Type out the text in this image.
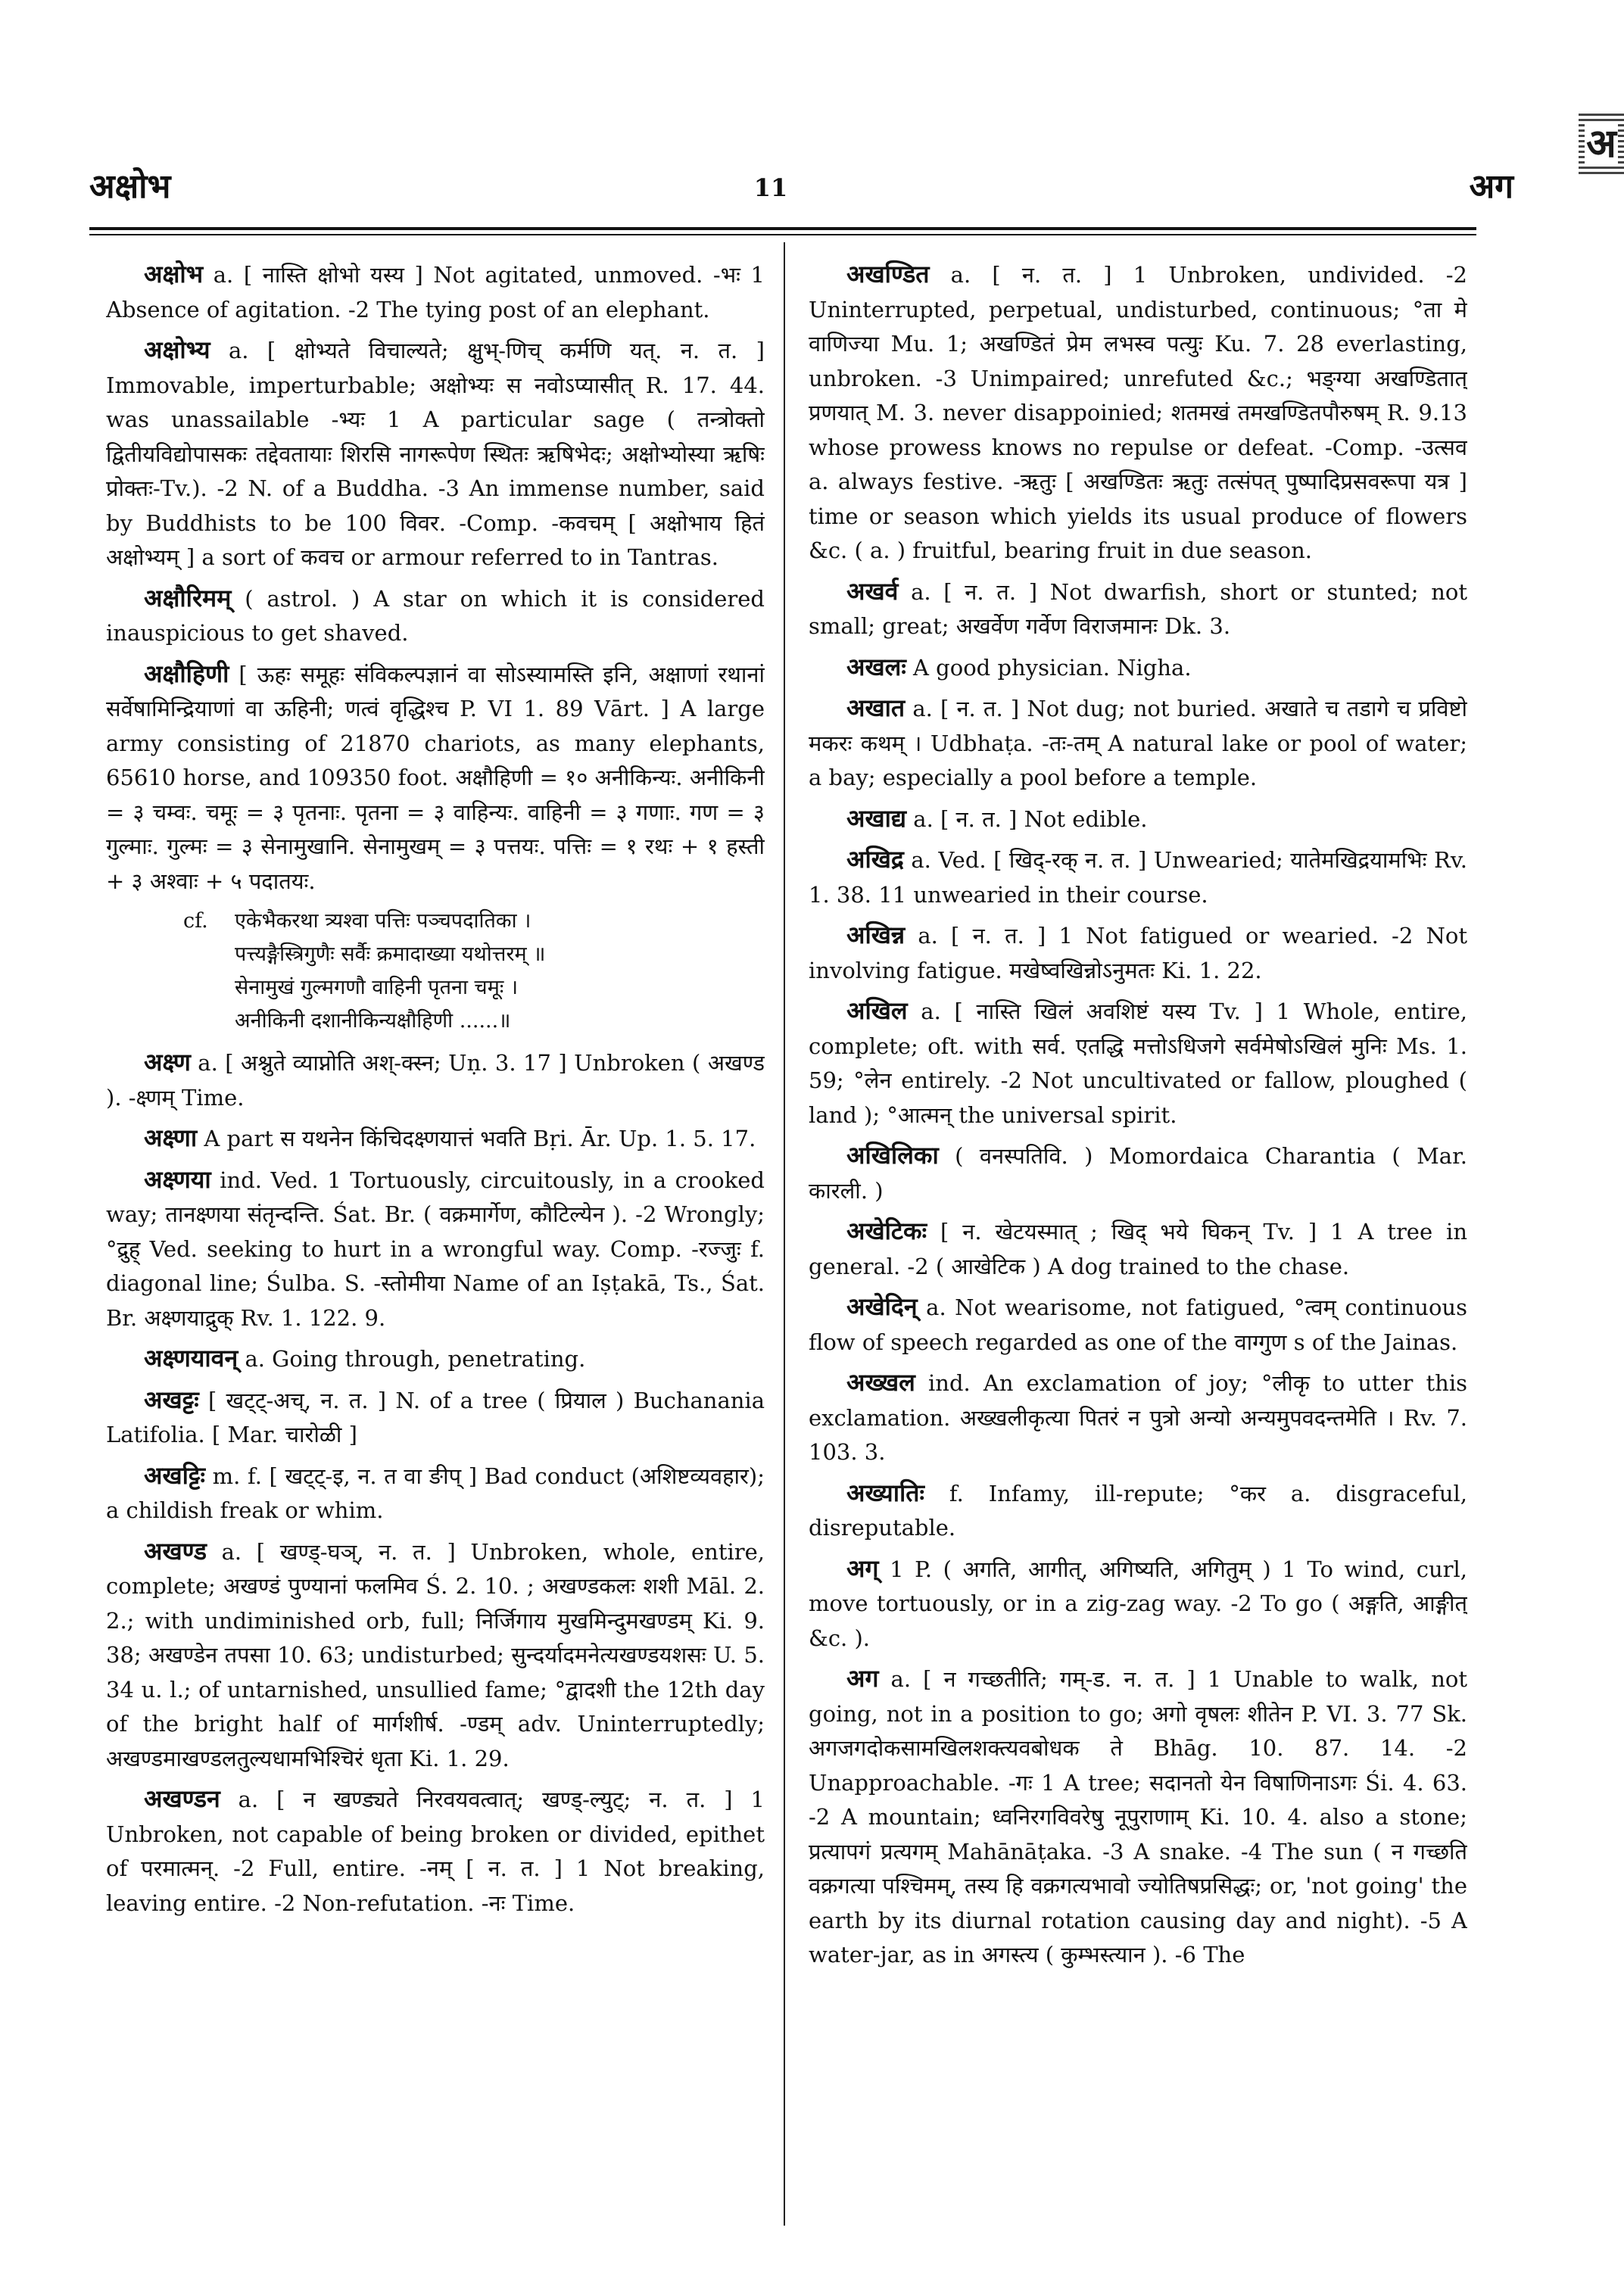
अ
अक्षोभ	11	अग

अक्षोभ a. [ नास्ति क्षोभो यस्य ] Not agitated, unmoved. -भः 1 Absence of agitation. -2 The tying post of an elephant.

अक्षोभ्य a. [ क्षोभ्यते विचाल्यते; क्षुभ्-णिच् कर्मणि यत्. न. त. ] Immovable, imperturbable; अक्षोभ्यः स नवोऽप्यासीत् R. 17. 44. was unassailable -भ्यः 1 A particular sage ( तन्त्रोक्तो द्वितीयविद्योपासकः तद्देवतायाः शिरसि नागरूपेण स्थितः ऋषिभेदः; अक्षोभ्योस्या ऋषिः प्रोक्तः-Tv.). -2 N. of a Buddha. -3 An immense number, said by Buddhists to be 100 विवर. -Comp. -कवचम् [ अक्षोभाय हितं अक्षोभ्यम् ] a sort of कवच or armour referred to in Tantras.

अक्षौरिमम् ( astrol. ) A star on which it is considered inauspicious to get shaved.

अक्षौहिणी [ ऊहः समूहः संविकल्पज्ञानं वा सोऽस्यामस्ति इनि, अक्षाणां रथानां सर्वेषामिन्द्रियाणां वा ऊहिनी; णत्वं वृद्धिश्च P. VI 1. 89 Vārt. ] A large army consisting of 21870 chariots, as many elephants, 65610 horse, and 109350 foot. अक्षौहिणी = १० अनीकिन्यः. अनीकिनी = ३ चम्वः. चमूः = ३ पृतनाः. पृतना = ३ वाहिन्यः. वाहिनी = ३ गणाः. गण = ३ गुल्माः. गुल्मः = ३ सेनामुखानि. सेनामुखम् = ३ पत्तयः. पत्तिः = १ रथः + १ हस्ती + ३ अश्वाः + ५ पदातयः.

cf. एकेभैकरथा त्र्यश्वा पत्तिः पञ्चपदातिका ।
पत्त्यङ्गैस्त्रिगुणैः सर्वैः क्रमादाख्या यथोत्तरम् ॥
सेनामुखं गुल्मगणौ वाहिनी पृतना चमूः ।
अनीकिनी दशानीकिन्यक्षौहिणी ......॥

अक्ष्ण a. [ अश्नुते व्याप्नोति अश्-क्स्न; Uṇ. 3. 17 ] Unbroken ( अखण्ड ). -क्ष्णम् Time.

अक्ष्णा A part स यथनेन किंचिदक्ष्णयात्तं भवति Bṛi. Ār. Up. 1. 5. 17.

अक्ष्णया ind. Ved. 1 Tortuously, circuitously, in a crooked way; तानक्ष्णया संतृन्दन्ति. Śat. Br. ( वक्रमार्गेण, कौटिल्येन ). -2 Wrongly; °द्रुह् Ved. seeking to hurt in a wrongful way. Comp. -रज्जुः f. diagonal line; Śulba. S. -स्तोमीया Name of an Iṣṭakā, Ts., Śat. Br. अक्ष्णयाद्रुक् Rv. 1. 122. 9.

अक्ष्णयावन् a. Going through, penetrating.

अखट्टः [ खट्ट्-अच्, न. त. ] N. of a tree ( प्रियाल ) Buchanania Latifolia. [ Mar. चारोळी ]

अखट्टिः m. f. [ खट्ट्-इ, न. त वा ङीप् ] Bad conduct (अशिष्टव्यवहार); a childish freak or whim.

अखण्ड a. [ खण्ड्-घञ्, न. त. ] Unbroken, whole, entire, complete; अखण्डं पुण्यानां फलमिव Ś. 2. 10. ; अखण्डकलः शशी Māl. 2. 2.; with undiminished orb, full; निर्जिगाय मुखमिन्दुमखण्डम् Ki. 9. 38; अखण्डेन तपसा 10. 63; undisturbed; सुन्दर्यादमनेत्यखण्डयशसः U. 5. 34 u. l.; of untarnished, unsullied fame; °द्वादशी the 12th day of the bright half of मार्गशीर्ष. -ण्डम् adv. Uninterruptedly; अखण्डमाखण्डलतुल्यधामभिश्चिरं धृता Ki. 1. 29.

अखण्डन a. [ न खण्ड्यते निरवयवत्वात्; खण्ड्-ल्युट्; न. त. ] 1 Unbroken, not capable of being broken or divided, epithet of परमात्मन्. -2 Full, entire. -नम् [ न. त. ] 1 Not breaking, leaving entire. -2 Non-refutation. -नः Time.

अखण्डित a. [ न. त. ] 1 Unbroken, undivided. -2 Uninterrupted, perpetual, undisturbed, continuous; °ता मे वाणिज्या Mu. 1; अखण्डितं प्रेम लभस्व पत्युः Ku. 7. 28 everlasting, unbroken. -3 Unimpaired; unrefuted &c.; भङ्ग्या अखण्डितात् प्रणयात् M. 3. never disappoinied; शतमखं तमखण्डितपौरुषम् R. 9.13 whose prowess knows no repulse or defeat. -Comp. -उत्सव a. always festive. -ऋतुः [ अखण्डितः ऋतुः तत्संपत् पुष्पादिप्रसवरूपा यत्र ] time or season which yields its usual produce of flowers &c. ( a. ) fruitful, bearing fruit in due season.

अखर्व a. [ न. त. ] Not dwarfish, short or stunted; not small; great; अखर्वेण गर्वेण विराजमानः Dk. 3.

अखलः A good physician. Nigha.

अखात a. [ न. त. ] Not dug; not buried. अखाते च तडागे च प्रविष्टो मकरः कथम् । Udbhaṭa. -तः-तम् A natural lake or pool of water; a bay; especially a pool before a temple.

अखाद्य a. [ न. त. ] Not edible.

अखिद्र a. Ved. [ खिद्-रक् न. त. ] Unwearied; यातेमखिद्रयामभिः Rv. 1. 38. 11 unwearied in their course.

अखिन्न a. [ न. त. ] 1 Not fatigued or wearied. -2 Not involving fatigue. मखेष्वखिन्नोऽनुमतः Ki. 1. 22.

अखिल a. [ नास्ति खिलं अवशिष्टं यस्य Tv. ] 1 Whole, entire, complete; oft. with सर्व. एतद्धि मत्तोऽधिजगे सर्वमेषोऽखिलं मुनिः Ms. 1. 59; °लेन entirely. -2 Not uncultivated or fallow, ploughed ( land ); °आत्मन् the universal spirit.

अखिलिका ( वनस्पतिवि. ) Momordaica Charantia ( Mar. कारली. )

अखेटिकः [ न. खेटयस्मात् ; खिद् भये घिकन् Tv. ] 1 A tree in general. -2 ( आखेटिक ) A dog trained to the chase.

अखेदिन् a. Not wearisome, not fatigued, °त्वम् continuous flow of speech regarded as one of the वाग्गुण s of the Jainas.

अख्खल ind. An exclamation of joy; °लीकृ to utter this exclamation. अख्खलीकृत्या पितरं न पुत्रो अन्यो अन्यमुपवदन्तमेति । Rv. 7. 103. 3.

अख्यातिः f. Infamy, ill-repute; °कर a. disgraceful, disreputable.

अग् 1 P. ( अगति, आगीत्, अगिष्यति, अगितुम् ) 1 To wind, curl, move tortuously, or in a zig-zag way. -2 To go ( अङ्गति, आङ्गीत् &c. ).

अग a. [ न गच्छतीति; गम्-ड. न. त. ] 1 Unable to walk, not going, not in a position to go; अगो वृषलः शीतेन P. VI. 3. 77 Sk. अगजगदोकसामखिलशक्त्यवबोधक ते Bhāg. 10. 87. 14. -2 Unapproachable. -गः 1 A tree; सदानतो येन विषाणिनाऽगः Śi. 4. 63. -2 A mountain; ध्वनिरगविवरेषु नूपुराणाम् Ki. 10. 4. also a stone; प्रत्यापगं प्रत्यगम् Mahānāṭaka. -3 A snake. -4 The sun ( न गच्छति वक्रगत्या पश्चिमम्, तस्य हि वक्रगत्यभावो ज्योतिषप्रसिद्धः; or, 'not going' the earth by its diurnal rotation causing day and night). -5 A water-jar, as in अगस्त्य ( कुम्भस्त्यान ). -6 The
